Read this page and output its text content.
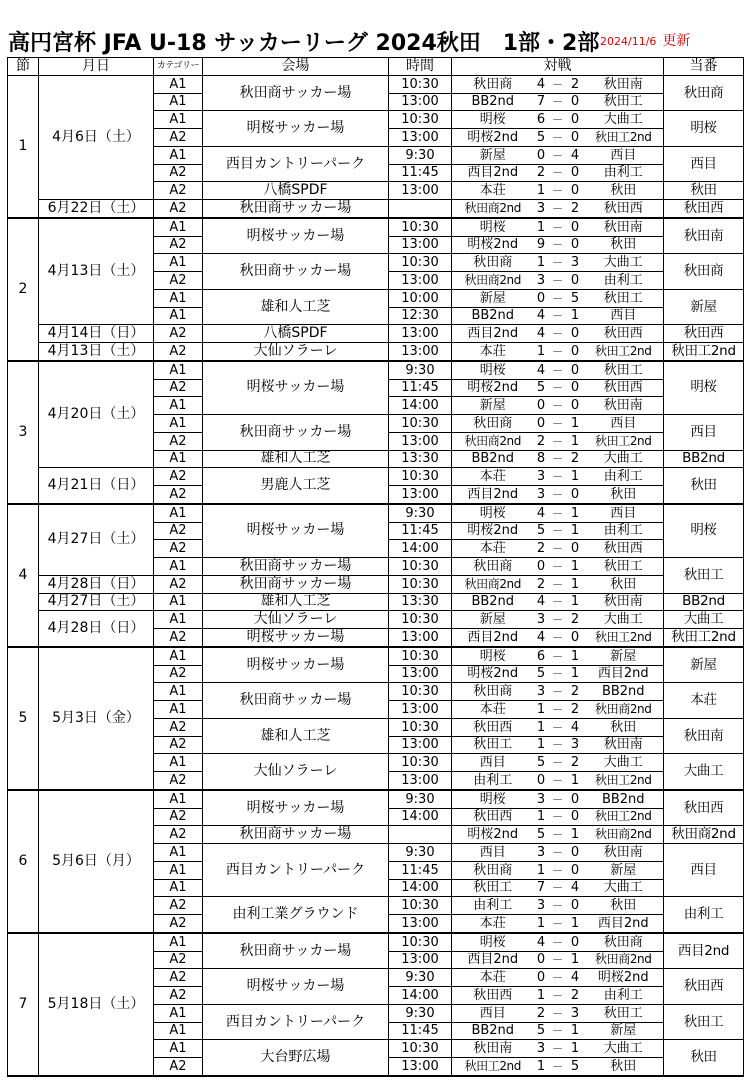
高円宮杯 JFA U-18 サッカーリーグ 2024秋田　1部・2部 2024/11/6 更新
節	月日	カテゴリー	会場	時間	対戦					当番
1	4月6日（土）	A1	秋田商サッカー場	10:30	秋田商	4	－	2	秋田南	秋田商
		A1		13:00	BB2nd	7	－	0	秋田工	
		A1	明桜サッカー場	10:30	明桜	6	－	0	大曲工	明桜
		A2		13:00	明桜2nd	5	－	0	秋田工2nd	
		A1	西目カントリーパーク	9:30	新屋	0	－	4	西目	西目
		A2		11:45	西目2nd	2	－	0	由利工	
		A2	八橋SPDF	13:00	本荘	1	－	0	秋田	秋田
	6月22日（土）	A2	秋田商サッカー場		秋田商2nd	3	－	2	秋田西	秋田西
2	4月13日（土）	A1	明桜サッカー場	10:30	明桜	1	－	0	秋田南	秋田南
		A2		13:00	明桜2nd	9	－	0	秋田	
		A1	秋田商サッカー場	10:30	秋田商	1	－	3	大曲工	秋田商
		A2		13:00	秋田商2nd	3	－	0	由利工	
		A1	雄和人工芝	10:00	新屋	0	－	5	秋田工	新屋
		A1		12:30	BB2nd	4	－	1	西目	
	4月14日（日）	A2	八橋SPDF	13:00	西目2nd	4	－	0	秋田西	秋田西
	4月13日（土）	A2	大仙ソラーレ	13:00	本荘	1	－	0	秋田工2nd	秋田工2nd
3	4月20日（土）	A1	明桜サッカー場	9:30	明桜	4	－	0	秋田工	明桜
		A2		11:45	明桜2nd	5	－	0	秋田西	
		A1		14:00	新屋	0	－	0	秋田南	
		A1	秋田商サッカー場	10:30	秋田商	0	－	1	西目	西目
		A2		13:00	秋田商2nd	2	－	1	秋田工2nd	
		A1	雄和人工芝	13:30	BB2nd	8	－	2	大曲工	BB2nd
	4月21日（日）	A2	男鹿人工芝	10:30	本荘	3	－	1	由利工	秋田
		A2		13:00	西目2nd	3	－	0	秋田	
4	4月27日（土）	A1	明桜サッカー場	9:30	明桜	4	－	1	西目	明桜
		A2		11:45	明桜2nd	5	－	1	由利工	
		A2		14:00	本荘	2	－	0	秋田西	
		A1	秋田商サッカー場	10:30	秋田商	0	－	1	秋田工	秋田工
	4月28日（日）	A2	秋田商サッカー場	10:30	秋田商2nd	2	－	1	秋田	
	4月27日（土）	A1	雄和人工芝	13:30	BB2nd	4	－	1	秋田南	BB2nd
	4月28日（日）	A1	大仙ソラーレ	10:30	新屋	3	－	2	大曲工	大曲工
		A2	明桜サッカー場	13:00	西目2nd	4	－	0	秋田工2nd	秋田工2nd
5	5月3日（金）	A1	明桜サッカー場	10:30	明桜	6	－	1	新屋	新屋
		A2		13:00	明桜2nd	5	－	1	西目2nd	
		A1	秋田商サッカー場	10:30	秋田商	3	－	2	BB2nd	本荘
		A1		13:00	本荘	1	－	2	秋田商2nd	
		A2	雄和人工芝	10:30	秋田西	1	－	4	秋田	秋田南
		A2		13:00	秋田工	1	－	3	秋田南	
		A1	大仙ソラーレ	10:30	西目	5	－	2	大曲工	大曲工
		A2		13:00	由利工	0	－	1	秋田工2nd	
6	5月6日（月）	A1	明桜サッカー場	9:30	明桜	3	－	0	BB2nd	秋田西
		A2		14:00	秋田西	1	－	0	秋田工2nd	
		A2	秋田商サッカー場		明桜2nd	5	－	1	秋田商2nd	秋田商2nd
		A1	西目カントリーパーク	9:30	西目	3	－	0	秋田南	西目
		A1		11:45	秋田商	1	－	0	新屋	
		A1		14:00	秋田工	7	－	4	大曲工	
		A2	由利工業グラウンド	10:30	由利工	3	－	0	秋田	由利工
		A2		13:00	本荘	1	－	1	西目2nd	
7	5月18日（土）	A1	秋田商サッカー場	10:30	明桜	4	－	0	秋田商	西目2nd
		A2		13:00	西目2nd	0	－	1	秋田商2nd	
		A2	明桜サッカー場	9:30	本荘	0	－	4	明桜2nd	秋田西
		A2		14:00	秋田西	1	－	2	由利工	
		A1	西目カントリーパーク	9:30	西目	2	－	3	秋田工	秋田工
		A1		11:45	BB2nd	5	－	1	新屋	
		A1	大台野広場	10:30	秋田南	3	－	1	大曲工	秋田
		A2		13:00	秋田工2nd	1	－	5	秋田	
